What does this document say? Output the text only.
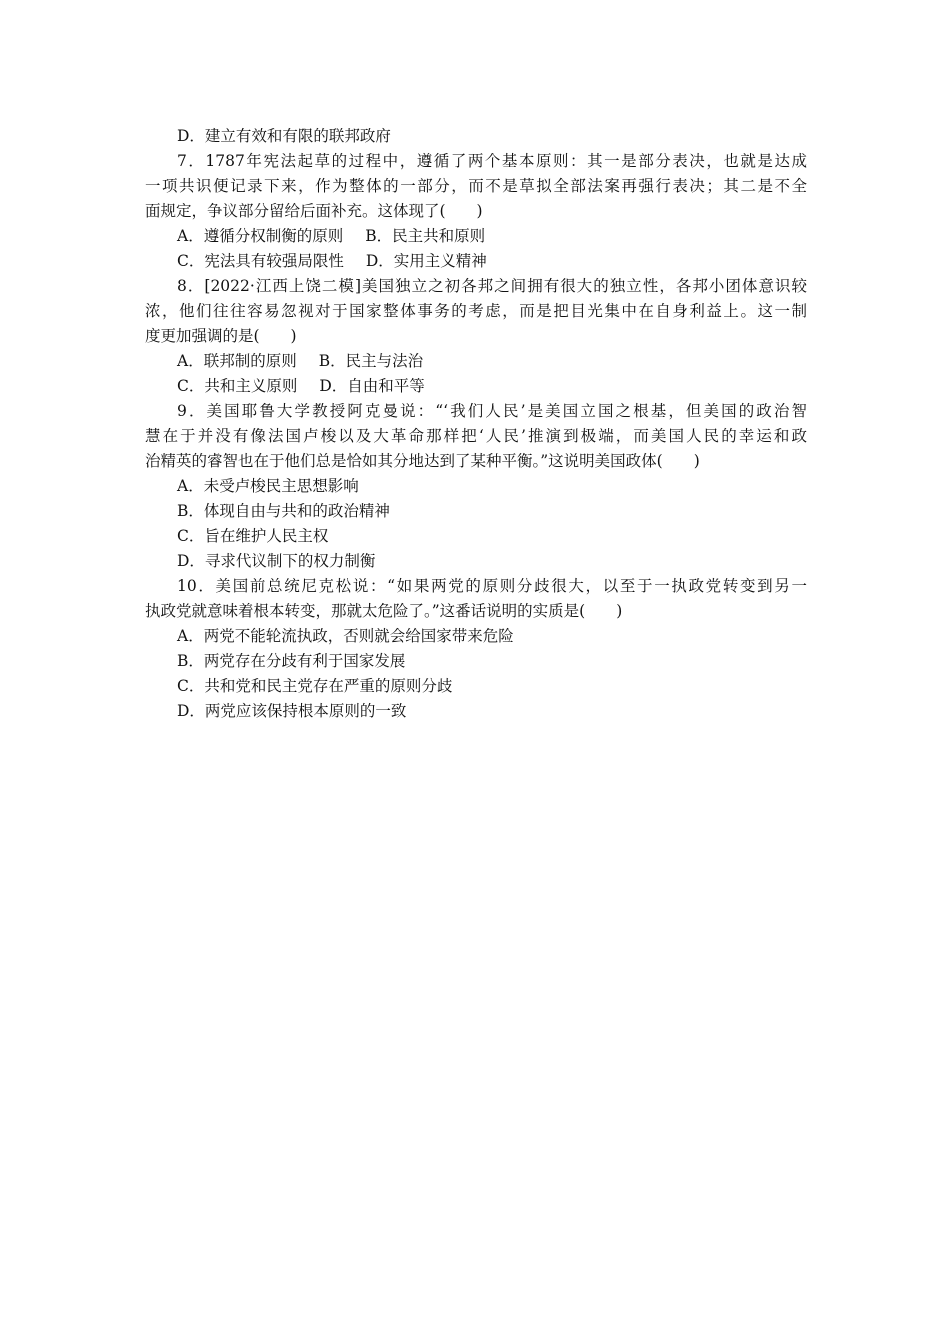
D．建立有效和有限的联邦政府
7．1787年宪法起草的过程中，遵循了两个基本原则：其一是部分表决，也就是达成
一项共识便记录下来，作为整体的一部分，而不是草拟全部法案再强行表决；其二是不全
面规定，争议部分留给后面补充。这体现了(　　)
A．遵循分权制衡的原则 B．民主共和原则
C．宪法具有较强局限性 D．实用主义精神
8．[2022·江西上饶二模]美国独立之初各邦之间拥有很大的独立性，各邦小团体意识较
浓，他们往往容易忽视对于国家整体事务的考虑，而是把目光集中在自身利益上。这一制
度更加强调的是(　　)
A．联邦制的原则 B．民主与法治
C．共和主义原则 D．自由和平等
9．美国耶鲁大学教授阿克曼说：“‘我们人民’是美国立国之根基，但美国的政治智
慧在于并没有像法国卢梭以及大革命那样把‘人民’推演到极端，而美国人民的幸运和政
治精英的睿智也在于他们总是恰如其分地达到了某种平衡。”这说明美国政体(　　)
A．未受卢梭民主思想影响
B．体现自由与共和的政治精神
C．旨在维护人民主权
D．寻求代议制下的权力制衡
10．美国前总统尼克松说：“如果两党的原则分歧很大，以至于一执政党转变到另一
执政党就意味着根本转变，那就太危险了。”这番话说明的实质是(　　)
A．两党不能轮流执政，否则就会给国家带来危险
B．两党存在分歧有利于国家发展
C．共和党和民主党存在严重的原则分歧
D．两党应该保持根本原则的一致
